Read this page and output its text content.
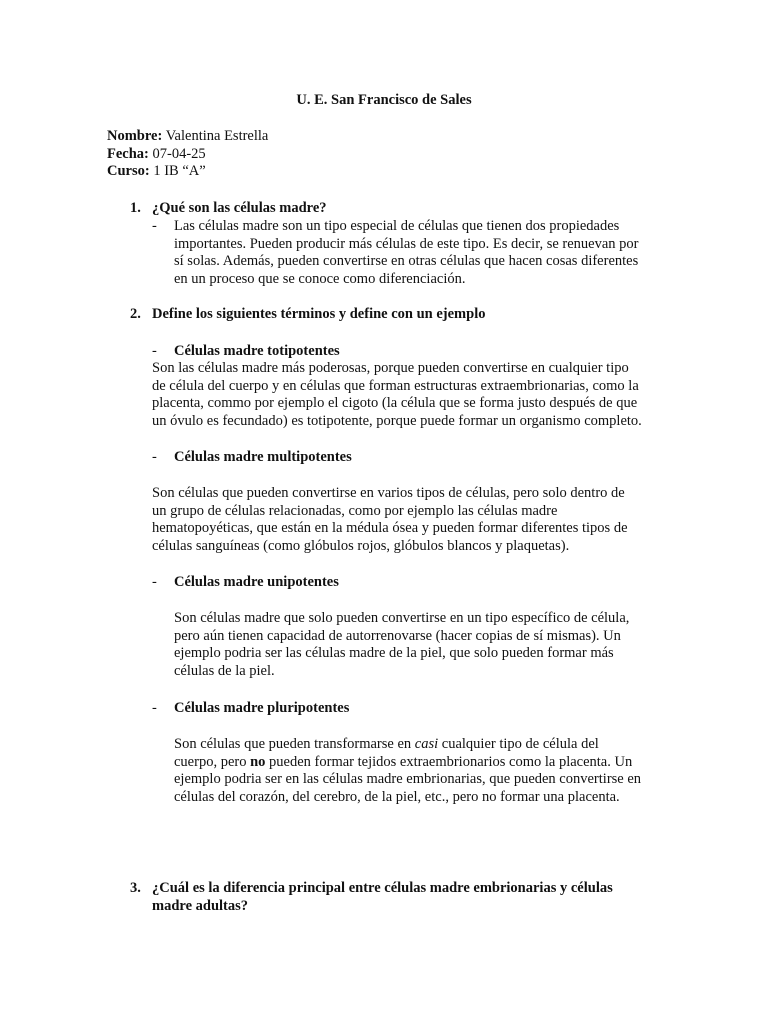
U. E. San Francisco de Sales
Nombre: Valentina Estrella
Fecha: 07-04-25
Curso: 1 IB “A”
1. ¿Qué son las células madre?
- Las células madre son un tipo especial de células que tienen dos propiedades
importantes. Pueden producir más células de este tipo. Es decir, se renuevan por
sí solas. Además, pueden convertirse en otras células que hacen cosas diferentes
en un proceso que se conoce como diferenciación.
2. Define los siguientes términos y define con un ejemplo
- Células madre totipotentes
Son las células madre más poderosas, porque pueden convertirse en cualquier tipo
de célula del cuerpo y en células que forman estructuras extraembrionarias, como la
placenta, commo por ejemplo el cigoto (la célula que se forma justo después de que
un óvulo es fecundado) es totipotente, porque puede formar un organismo completo.
- Células madre multipotentes
Son células que pueden convertirse en varios tipos de células, pero solo dentro de
un grupo de células relacionadas, como por ejemplo las células madre
hematopoyéticas, que están en la médula ósea y pueden formar diferentes tipos de
células sanguíneas (como glóbulos rojos, glóbulos blancos y plaquetas).
- Células madre unipotentes
Son células madre que solo pueden convertirse en un tipo específico de célula,
pero aún tienen capacidad de autorrenovarse (hacer copias de sí mismas). Un
ejemplo podria ser las células madre de la piel, que solo pueden formar más
células de la piel.
- Células madre pluripotentes
Son células que pueden transformarse en casi cualquier tipo de célula del
cuerpo, pero no pueden formar tejidos extraembrionarios como la placenta. Un
ejemplo podria ser en las células madre embrionarias, que pueden convertirse en
células del corazón, del cerebro, de la piel, etc., pero no formar una placenta.
3. ¿Cuál es la diferencia principal entre células madre embrionarias y células
madre adultas?
